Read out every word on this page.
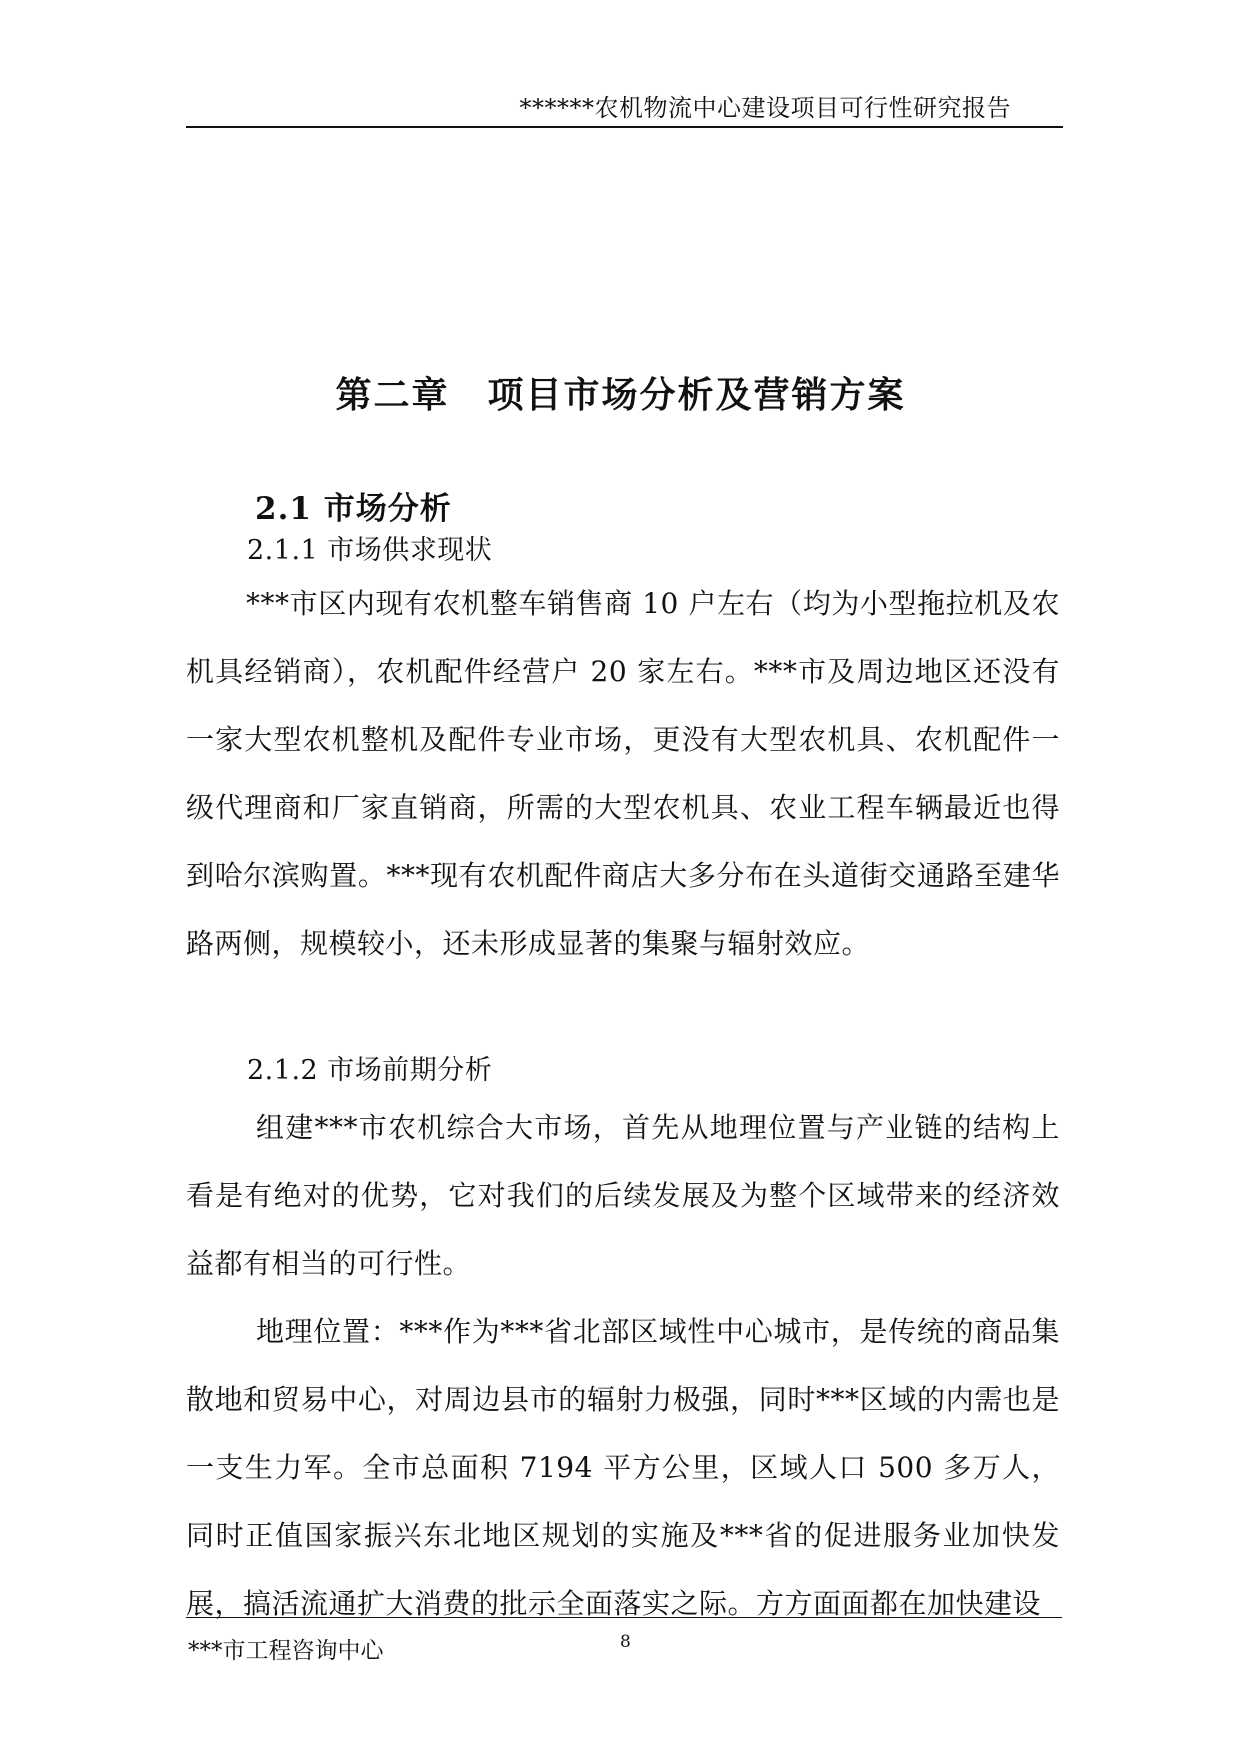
******农机物流中心建设项目可行性研究报告
第二章　项目市场分析及营销方案
2.1 市场分析
2.1.1 市场供求现状

***市区内现有农机整车销售商 10 户左右（均为小型拖拉机及农机具经销商），农机配件经营户 20 家左右。***市及周边地区还没有一家大型农机整机及配件专业市场，更没有大型农机具、农机配件一级代理商和厂家直销商，所需的大型农机具、农业工程车辆最近也得到哈尔滨购置。***现有农机配件商店大多分布在头道街交通路至建华路两侧，规模较小，还未形成显著的集聚与辐射效应。

2.1.2 市场前期分析

组建***市农机综合大市场，首先从地理位置与产业链的结构上看是有绝对的优势，它对我们的后续发展及为整个区域带来的经济效益都有相当的可行性。

地理位置：***作为***省北部区域性中心城市，是传统的商品集散地和贸易中心，对周边县市的辐射力极强，同时***区域的内需也是一支生力军。全市总面积 7194 平方公里，区域人口 500 多万人，同时正值国家振兴东北地区规划的实施及***省的促进服务业加快发展，搞活流通扩大消费的批示全面落实之际。方方面面都在加快建设

***市工程咨询中心	8
